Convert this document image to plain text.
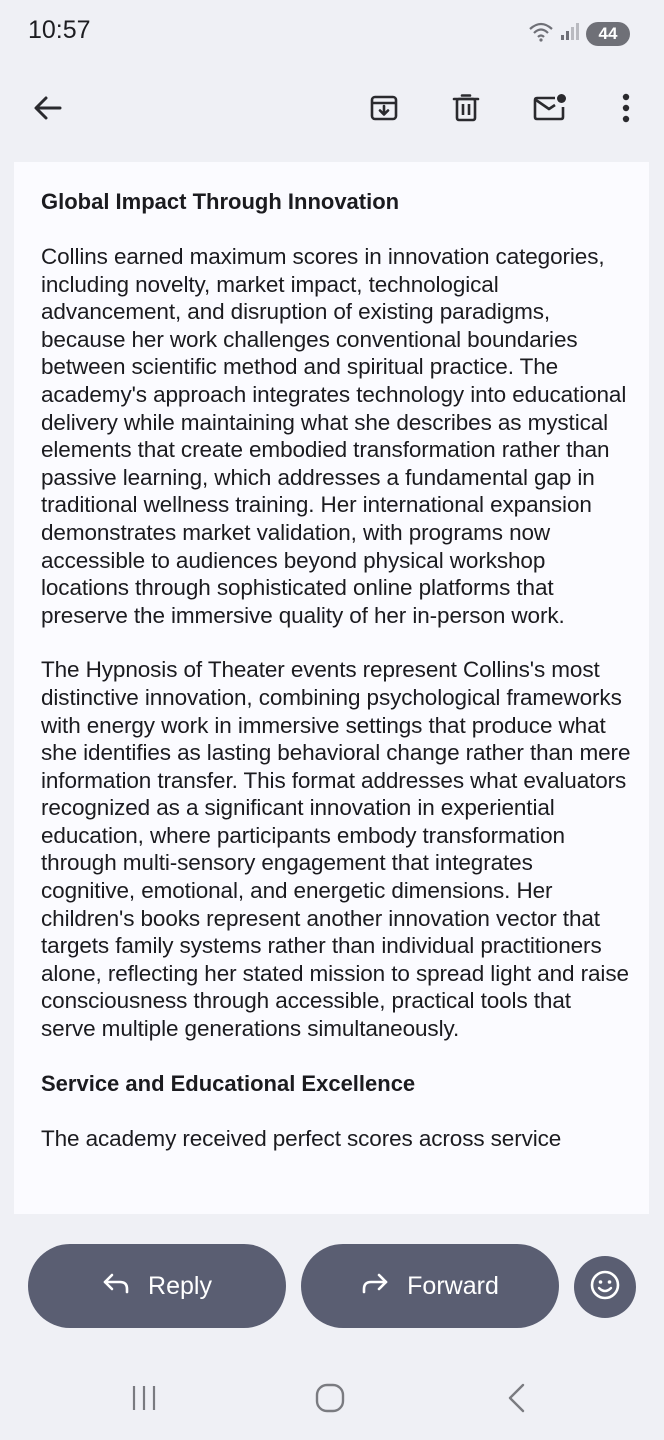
10:57	44
Global Impact Through Innovation

Collins earned maximum scores in innovation categories, including novelty, market impact, technological advancement, and disruption of existing paradigms, because her work challenges conventional boundaries between scientific method and spiritual practice. The academy's approach integrates technology into educational delivery while maintaining what she describes as mystical elements that create embodied transformation rather than passive learning, which addresses a fundamental gap in traditional wellness training. Her international expansion demonstrates market validation, with programs now accessible to audiences beyond physical workshop locations through sophisticated online platforms that preserve the immersive quality of her in-person work.

The Hypnosis of Theater events represent Collins's most distinctive innovation, combining psychological frameworks with energy work in immersive settings that produce what she identifies as lasting behavioral change rather than mere information transfer. This format addresses what evaluators recognized as a significant innovation in experiential education, where participants embody transformation through multi-sensory engagement that integrates cognitive, emotional, and energetic dimensions. Her children's books represent another innovation vector that targets family systems rather than individual practitioners alone, reflecting her stated mission to spread light and raise consciousness through accessible, practical tools that serve multiple generations simultaneously.

Service and Educational Excellence

The academy received perfect scores across service

Reply	Forward
